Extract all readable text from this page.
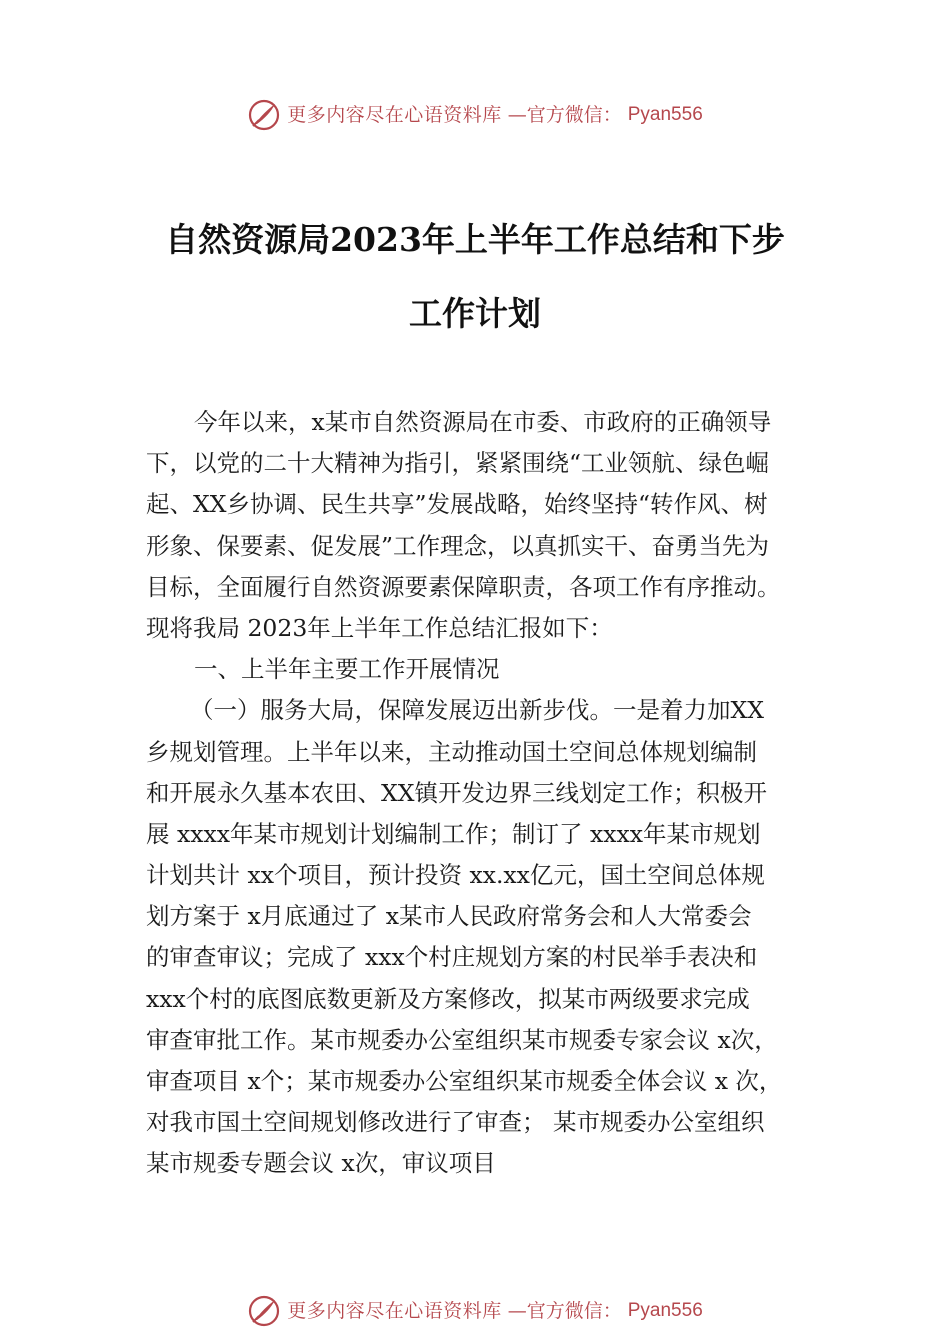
更多内容尽在心语资料库 —官方微信： Pyan556
自然资源局2023年上半年工作总结和下步
工作计划
今年以来，x某市自然资源局在市委、市政府的正确领导
下，以党的二十大精神为指引，紧紧围绕“工业领航、绿色崛
起、XX乡协调、民生共享”发展战略，始终坚持“转作风、树
形象、保要素、促发展”工作理念，以真抓实干、奋勇当先为
目标，全面履行自然资源要素保障职责，各项工作有序推动。
现将我局 2023年上半年工作总结汇报如下：
一、上半年主要工作开展情况
（一）服务大局，保障发展迈出新步伐。一是着力加XX
乡规划管理。上半年以来，主动推动国土空间总体规划编制
和开展永久基本农田、XX镇开发边界三线划定工作；积极开
展 xxxx年某市规划计划编制工作；制订了 xxxx年某市规划
计划共计 xx个项目，预计投资 xx.xx亿元，国土空间总体规
划方案于 x月底通过了 x某市人民政府常务会和人大常委会
的审查审议；完成了 xxx个村庄规划方案的村民举手表决和
xxx个村的底图底数更新及方案修改，拟某市两级要求完成
审查审批工作。某市规委办公室组织某市规委专家会议 x次，
审查项目 x个；某市规委办公室组织某市规委全体会议 x 次，
对我市国土空间规划修改进行了审查； 某市规委办公室组织
某市规委专题会议 x次，审议项目
更多内容尽在心语资料库 —官方微信： Pyan556
